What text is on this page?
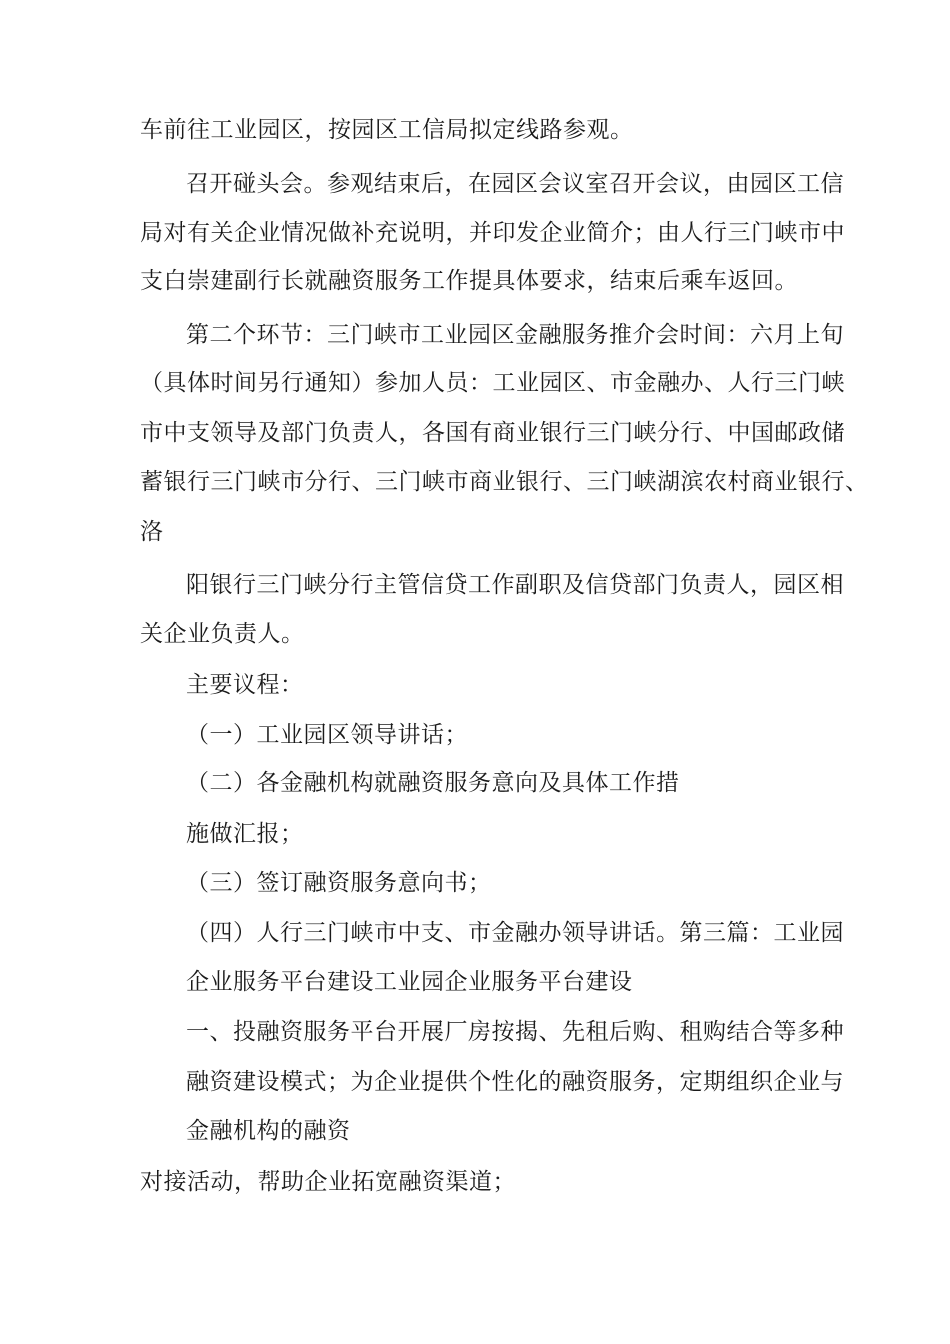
车前往工业园区，按园区工信局拟定线路参观。
召开碰头会。参观结束后，在园区会议室召开会议，由园区工信
局对有关企业情况做补充说明，并印发企业简介；由人行三门峡市中
支白崇建副行长就融资服务工作提具体要求，结束后乘车返回。
第二个环节：三门峡市工业园区金融服务推介会时间：六月上旬
（具体时间另行通知）参加人员：工业园区、市金融办、人行三门峡
市中支领导及部门负责人，各国有商业银行三门峡分行、中国邮政储
蓄银行三门峡市分行、三门峡市商业银行、三门峡湖滨农村商业银行、
洛
阳银行三门峡分行主管信贷工作副职及信贷部门负责人，园区相
关企业负责人。
主要议程：
（一）工业园区领导讲话；
（二）各金融机构就融资服务意向及具体工作措
施做汇报；
（三）签订融资服务意向书；
（四）人行三门峡市中支、市金融办领导讲话。第三篇：工业园
企业服务平台建设工业园企业服务平台建设
一、投融资服务平台开展厂房按揭、先租后购、租购结合等多种
融资建设模式；为企业提供个性化的融资服务，定期组织企业与
金融机构的融资
对接活动，帮助企业拓宽融资渠道；
